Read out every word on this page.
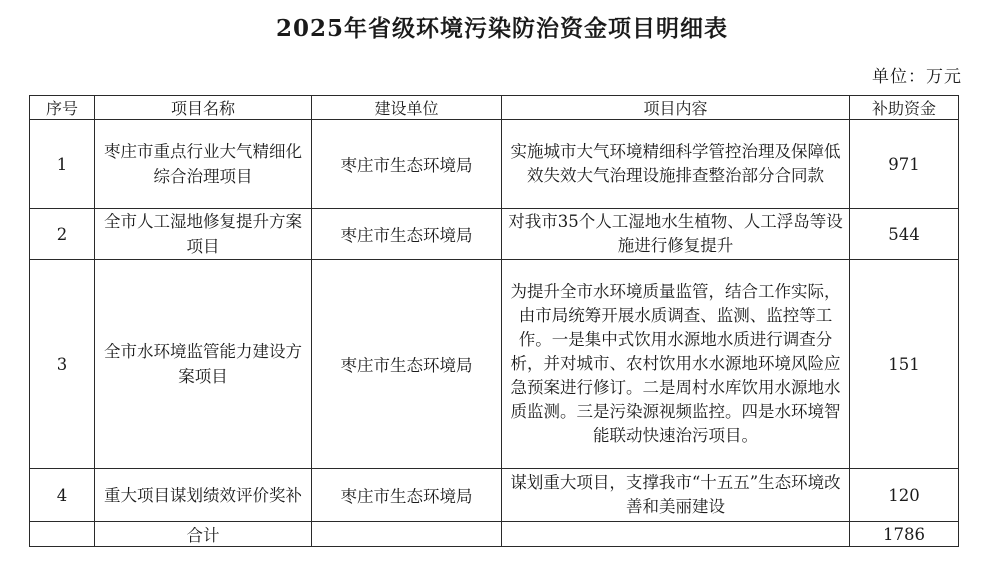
2025年省级环境污染防治资金项目明细表
单位：万元
序号	项目名称	建设单位	项目内容	补助资金
1	枣庄市重点行业大气精细化综合治理项目	枣庄市生态环境局	实施城市大气环境精细科学管控治理及保障低效失效大气治理设施排查整治部分合同款	971
2	全市人工湿地修复提升方案项目	枣庄市生态环境局	对我市35个人工湿地水生植物、人工浮岛等设施进行修复提升	544
3	全市水环境监管能力建设方案项目	枣庄市生态环境局	为提升全市水环境质量监管，结合工作实际，由市局统筹开展水质调查、监测、监控等工作。一是集中式饮用水源地水质进行调查分析，并对城市、农村饮用水水源地环境风险应急预案进行修订。二是周村水库饮用水源地水质监测。三是污染源视频监控。四是水环境智能联动快速治污项目。	151
4	重大项目谋划绩效评价奖补	枣庄市生态环境局	谋划重大项目，支撑我市“十五五”生态环境改善和美丽建设	120
	合计			1786
